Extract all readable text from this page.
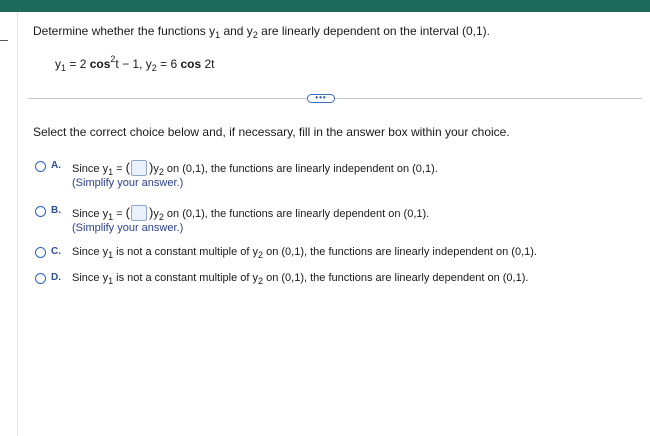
Determine whether the functions $y_1$ and $y_2$ are linearly dependent on the interval (0,1).
$y_1 = 2$ $\cos^2t - 1$, $y_2 = 6$ cos 2t
•••
Select the correct choice below and, if necessary, fill in the answer box within your choice.
A. Since $y_1$ = ( )$y_2$ on (0,1), the functions are linearly independent on (0,1).
(Simplify your answer.)
B. Since $y_1$ = ( )$y_2$ on (0,1), the functions are linearly dependent on (0,1).
(Simplify your answer.)
C. Since $y_1$ is not a constant multiple of $y_2$ on (0,1), the functions are linearly independent on (0,1).
D. Since $y_1$ is not a constant multiple of $y_2$ on (0,1), the functions are linearly dependent on (0,1).
